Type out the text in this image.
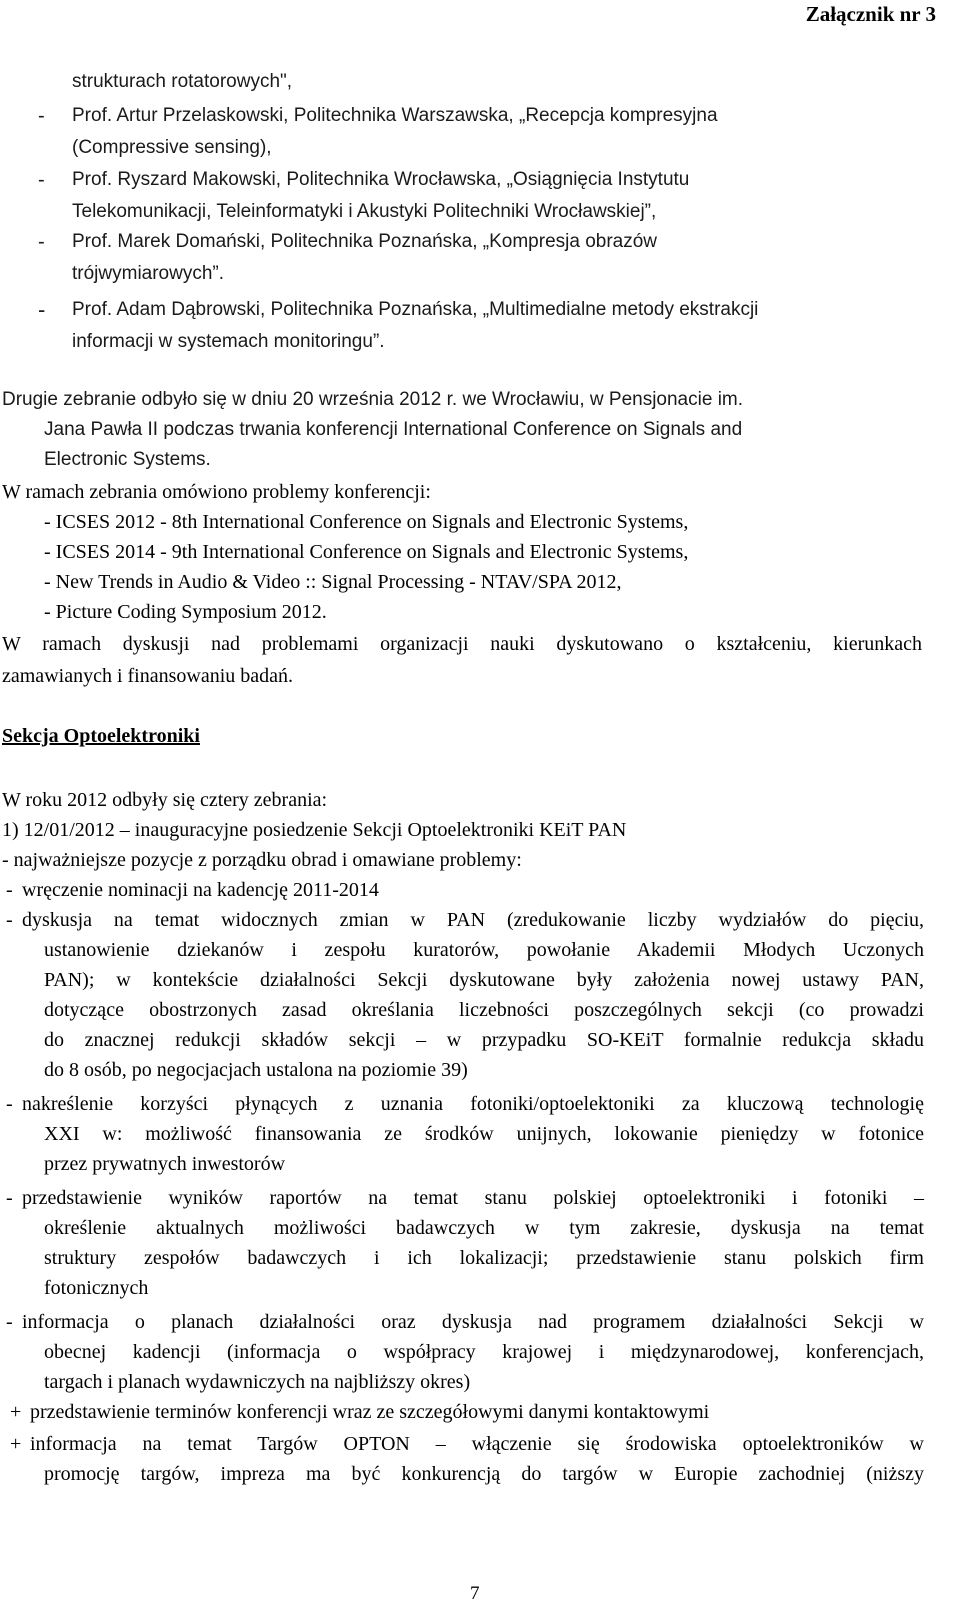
Załącznik nr 3
strukturach rotatorowych",
- Prof. Artur Przelaskowski, Politechnika Warszawska, „Recepcja kompresyjna
(Compressive sensing),
- Prof. Ryszard Makowski, Politechnika Wrocławska, „Osiągnięcia Instytutu
Telekomunikacji, Teleinformatyki i Akustyki Politechniki Wrocławskiej”,
- Prof. Marek Domański, Politechnika Poznańska, „Kompresja obrazów
trójwymiarowych”.
- Prof. Adam Dąbrowski, Politechnika Poznańska, „Multimedialne metody ekstrakcji
informacji w systemach monitoringu”.
Drugie zebranie odbyło się w dniu 20 września 2012 r. we Wrocławiu, w Pensjonacie im.
Jana Pawła II podczas trwania konferencji International Conference on Signals and
Electronic Systems.
W ramach zebrania omówiono problemy konferencji:
- ICSES 2012 - 8th International Conference on Signals and Electronic Systems,
- ICSES 2014 - 9th International Conference on Signals and Electronic Systems,
- New Trends in Audio & Video :: Signal Processing - NTAV/SPA 2012,
- Picture Coding Symposium 2012.
W ramach dyskusji nad problemami organizacji nauki dyskutowano o kształceniu, kierunkach
zamawianych i finansowaniu badań.
Sekcja Optoelektroniki
W roku 2012 odbyły się cztery zebrania:
1) 12/01/2012 – inauguracyjne posiedzenie Sekcji Optoelektroniki KEiT PAN
- najważniejsze pozycje z porządku obrad i omawiane problemy:
- wręczenie nominacji na kadencję 2011-2014
- dyskusja na temat widocznych zmian w PAN (zredukowanie liczby wydziałów do pięciu,
ustanowienie dziekanów i zespołu kuratorów, powołanie Akademii Młodych Uczonych
PAN); w kontekście działalności Sekcji dyskutowane były założenia nowej ustawy PAN,
dotyczące obostrzonych zasad określania liczebności poszczególnych sekcji (co prowadzi
do znacznej redukcji składów sekcji – w przypadku SO-KEiT formalnie redukcja składu
do 8 osób, po negocjacjach ustalona na poziomie 39)
- nakreślenie korzyści płynących z uznania fotoniki/optoelektoniki za kluczową technologię
XXI w: możliwość finansowania ze środków unijnych, lokowanie pieniędzy w fotonice
przez prywatnych inwestorów
- przedstawienie wyników raportów na temat stanu polskiej optoelektroniki i fotoniki –
określenie aktualnych możliwości badawczych w tym zakresie, dyskusja na temat
struktury zespołów badawczych i ich lokalizacji; przedstawienie stanu polskich firm
fotonicznych
- informacja o planach działalności oraz dyskusja nad programem działalności Sekcji w
obecnej kadencji (informacja o współpracy krajowej i międzynarodowej, konferencjach,
targach i planach wydawniczych na najbliższy okres)
+ przedstawienie terminów konferencji wraz ze szczegółowymi danymi kontaktowymi
+ informacja na temat Targów OPTON – włączenie się środowiska optoelektroników w
promocję targów, impreza ma być konkurencją do targów w Europie zachodniej (niższy
7
